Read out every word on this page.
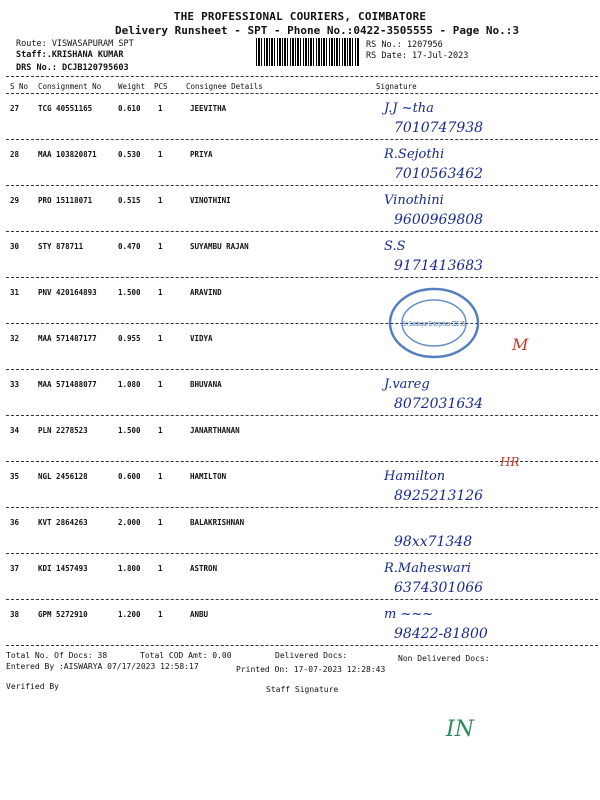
THE PROFESSIONAL COURIERS, COIMBATORE
Delivery Runsheet - SPT - Phone No.:0422-3505555 - Page No.:3
Route: VISWASAPURAM SPT
Staff:.KRISHANA KUMAR
DRS No.: DCJB120795603
RS No.: 1207956
RS Date: 17-Jul-2023
S No Consignment No Weight PCS Consignee Details	Signature
27	TCG 40551165	0.610 1	JEEVITHA	J.J ~tha
7010747938
28	MAA 103820871	0.530 1	PRIYA	R.Sejothi
7010563462
29	PRO 15118071	0.515 1	VINOTHINI	Vinothini
9600969808
30	STY 878711	0.470 1	SUYAMBU RAJAN	S.S
9171413683
31	PNV 420164893	1.500 1	ARAVIND
32	MAA 571487177	0.955 1	VIDYA	M
33	MAA 571488077	1.080 1	BHUVANA	J.vareg
8072031634
34	PLN 2278523	1.500 1	JANARTHANAN
35	NGL 2456128	0.600 1	HAMILTON	Hamilton
8925213126
HR
36	KVT 2864263	2.000 1	BALAKRISHNAN
98xx71348
37	KDI 1457493	1.800 1	ASTRON	R.Maheswari
6374301066
38	GPM 5272910	1.200 1	ANBU	m ~~~
98422-81800
Sri Sandaiyar Enterprises CBE-35
Total No. Of Docs: 38	Total COD Amt: 0.00	Delivered Docs:	Non Delivered Docs:
Entered By :AISWARYA 07/17/2023 12:58:17	Printed On: 17-07-2023 12:28:43
Verified By	Staff Signature
IN
